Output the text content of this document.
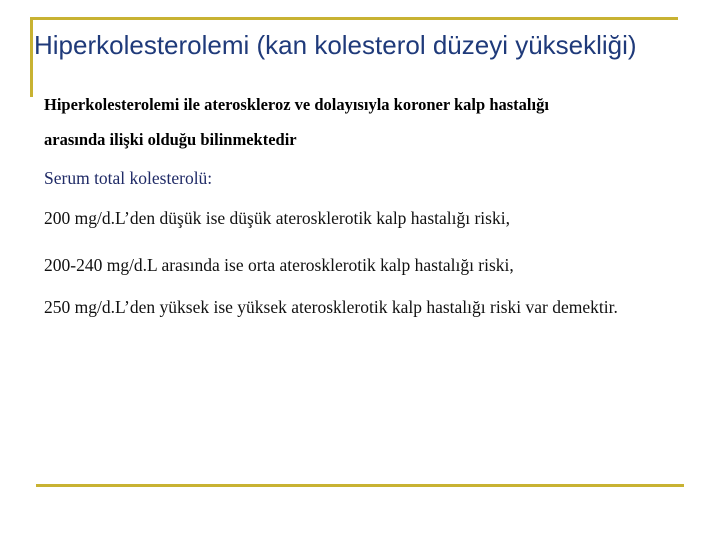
Hiperkolesterolemi (kan kolesterol düzeyi yüksekliği)
Hiperkolesterolemi ile ateroskleroz ve dolayısıyla koroner kalp hastalığı
arasında ilişki olduğu bilinmektedir
Serum total kolesterolü:
200 mg/d.L’den düşük ise düşük aterosklerotik kalp hastalığı riski,
200-240 mg/d.L arasında ise orta aterosklerotik kalp hastalığı riski,
250 mg/d.L’den yüksek ise yüksek aterosklerotik kalp hastalığı riski var demektir.
